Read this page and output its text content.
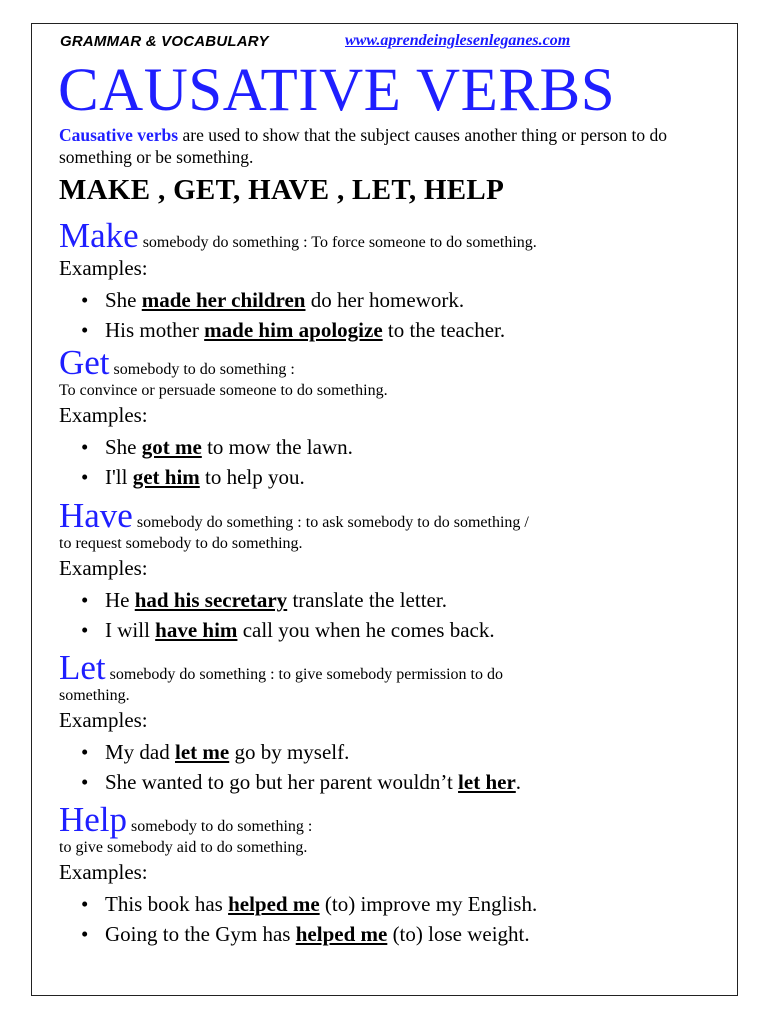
GRAMMAR & VOCABULARY	www.aprendeinglesenleganes.com
CAUSATIVE VERBS

Causative verbs are used to show that the subject causes another thing or person to do something or be something.

MAKE , GET, HAVE , LET, HELP

Make somebody do something : To force someone to do something.

Examples:

• She made her children do her homework.
• His mother made him apologize to the teacher.

Get somebody to do something :

To convince or persuade someone to do something.

Examples:

• She got me to mow the lawn.
• I'll get him to help you.

Have somebody do something : to ask somebody to do something /

to request somebody to do something.

Examples:

• He had his secretary translate the letter.
• I will have him call you when he comes back.

Let somebody do something : to give somebody permission to do

something.

Examples:

• My dad let me go by myself.
• She wanted to go but her parent wouldn’t let her.

Help somebody to do something :

to give somebody aid to do something.

Examples:

• This book has helped me (to) improve my English.
• Going to the Gym has helped me (to) lose weight.
